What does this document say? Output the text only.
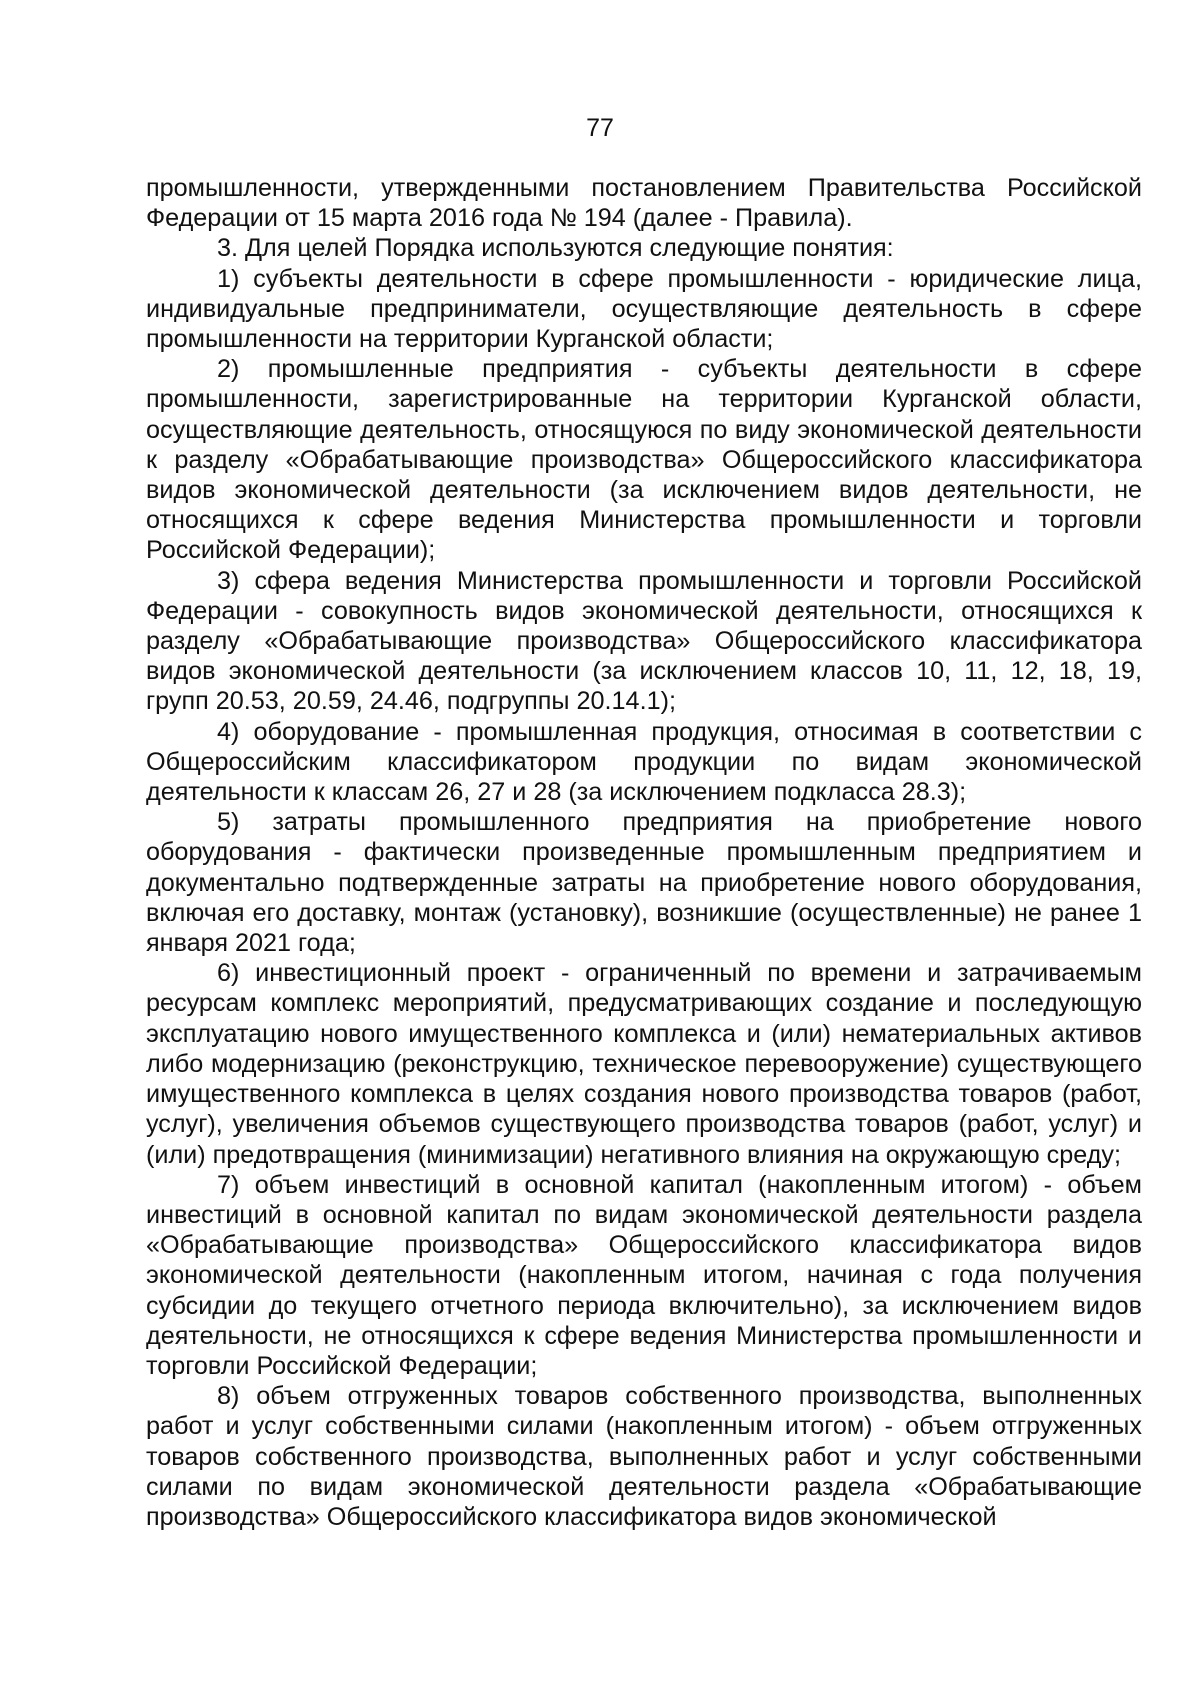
77

промышленности, утвержденными постановлением Правительства Российской Федерации от 15 марта 2016 года № 194 (далее - Правила).

3. Для целей Порядка используются следующие понятия:

1) субъекты деятельности в сфере промышленности - юридические лица, индивидуальные предприниматели, осуществляющие деятельность в сфере промышленности на территории Курганской области;

2) промышленные предприятия - субъекты деятельности в сфере промышленности, зарегистрированные на территории Курганской области, осуществляющие деятельность, относящуюся по виду экономической деятельности к разделу «Обрабатывающие производства» Общероссийского классификатора видов экономической деятельности (за исключением видов деятельности, не относящихся к сфере ведения Министерства промышленности и торговли Российской Федерации);

3) сфера ведения Министерства промышленности и торговли Российской Федерации - совокупность видов экономической деятельности, относящихся к разделу «Обрабатывающие производства» Общероссийского классификатора видов экономической деятельности (за исключением классов 10, 11, 12, 18, 19, групп 20.53, 20.59, 24.46, подгруппы 20.14.1);

4) оборудование - промышленная продукция, относимая в соответствии с Общероссийским классификатором продукции по видам экономической деятельности к классам 26, 27 и 28 (за исключением подкласса 28.3);

5) затраты промышленного предприятия на приобретение нового оборудования - фактически произведенные промышленным предприятием и документально подтвержденные затраты на приобретение нового оборудования, включая его доставку, монтаж (установку), возникшие (осуществленные) не ранее 1 января 2021 года;

6) инвестиционный проект - ограниченный по времени и затрачиваемым ресурсам комплекс мероприятий, предусматривающих создание и последующую эксплуатацию нового имущественного комплекса и (или) нематериальных активов либо модернизацию (реконструкцию, техническое перевооружение) существующего имущественного комплекса в целях создания нового производства товаров (работ, услуг), увеличения объемов существующего производства товаров (работ, услуг) и (или) предотвращения (минимизации) негативного влияния на окружающую среду;

7) объем инвестиций в основной капитал (накопленным итогом) - объем инвестиций в основной капитал по видам экономической деятельности раздела «Обрабатывающие производства» Общероссийского классификатора видов экономической деятельности (накопленным итогом, начиная с года получения субсидии до текущего отчетного периода включительно), за исключением видов деятельности, не относящихся к сфере ведения Министерства промышленности и торговли Российской Федерации;

8) объем отгруженных товаров собственного производства, выполненных работ и услуг собственными силами (накопленным итогом) - объем отгруженных товаров собственного производства, выполненных работ и услуг собственными силами по видам экономической деятельности раздела «Обрабатывающие производства» Общероссийского классификатора видов экономической
